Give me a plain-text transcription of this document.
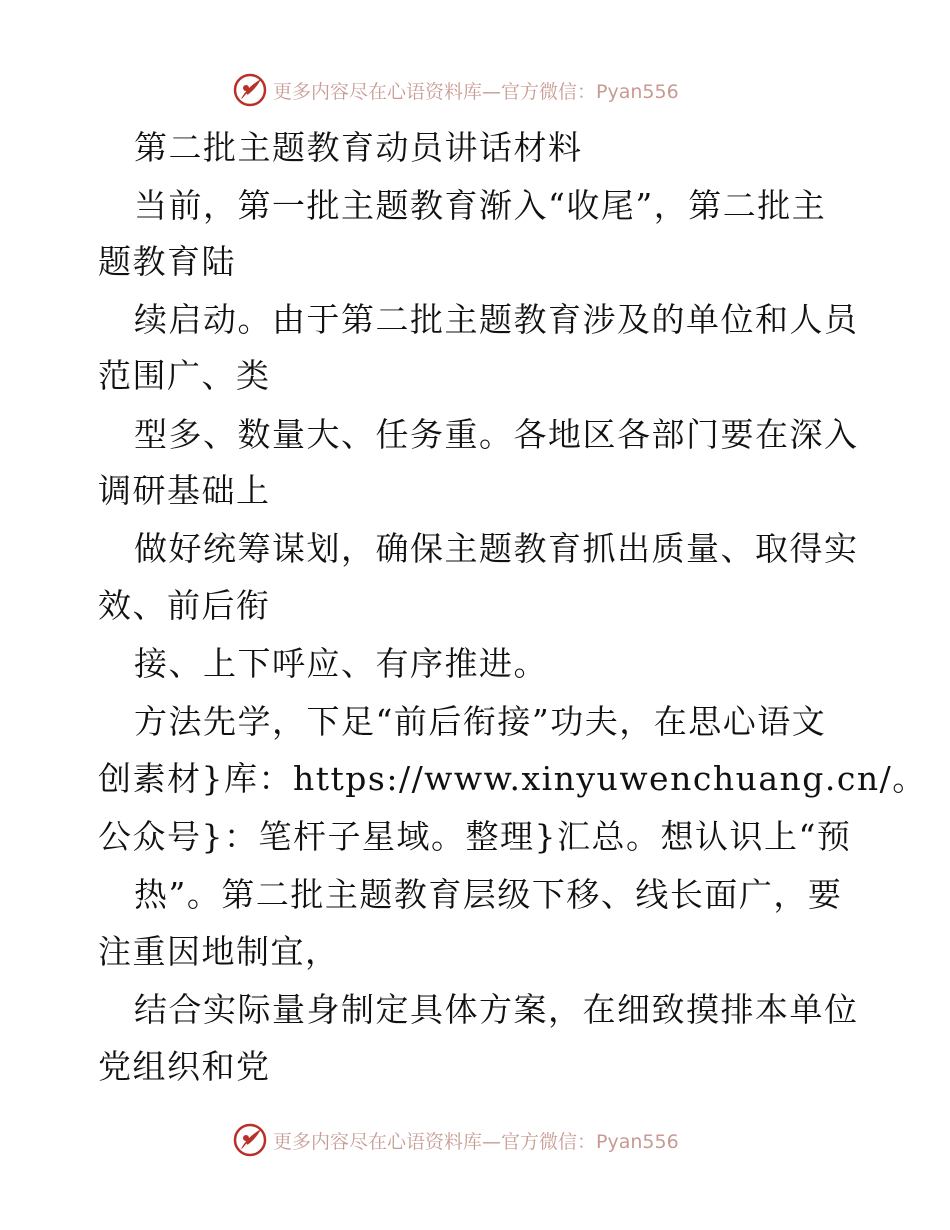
更多内容尽在心语资料库—官方微信：Pyan556
第二批主题教育动员讲话材料
当前，第一批主题教育渐入“收尾”，第二批主
题教育陆
续启动。由于第二批主题教育涉及的单位和人员
范围广、类
型多、数量大、任务重。各地区各部门要在深入
调研基础上
做好统筹谋划，确保主题教育抓出质量、取得实
效、前后衔
接、上下呼应、有序推进。
方法先学，下足“前后衔接”功夫，在思心语文
创素材}库：https://www.xinyuwenchuang.cn/。
公众号}：笔杆子星域。整理}汇总。想认识上“预
热”。第二批主题教育层级下移、线长面广，要
注重因地制宜，
结合实际量身制定具体方案，在细致摸排本单位
党组织和党
更多内容尽在心语资料库—官方微信：Pyan556
